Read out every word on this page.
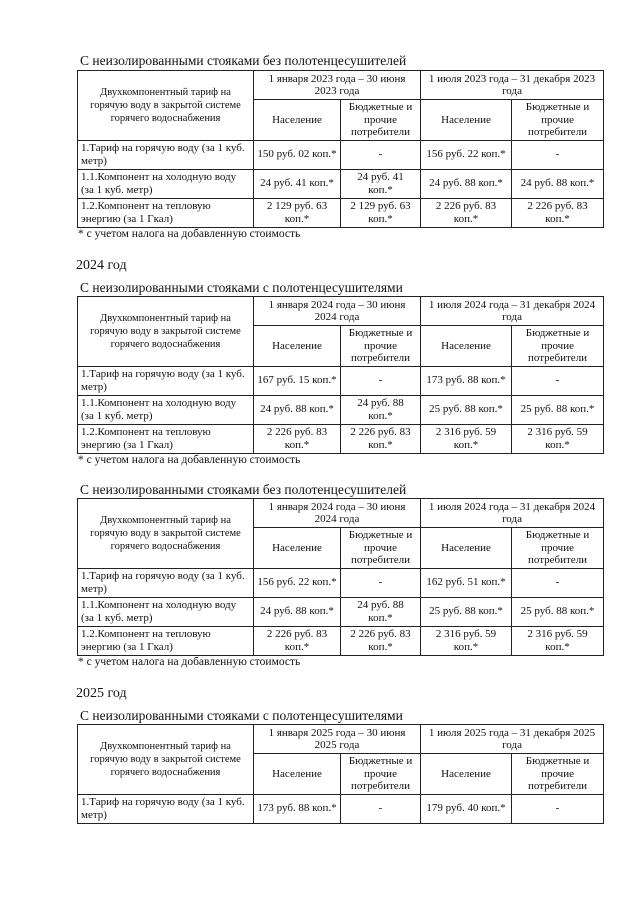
С неизолированными стояками без полотенцесушителей
Двухкомпонентный тариф на горячую воду в закрытой системе горячего водоснабжения	1 января 2023 года – 30 июня 2023 года		1 июля 2023 года – 31 декабря 2023 года	
	Население	Бюджетные и прочие потребители	Население	Бюджетные и прочие потребители
1.Тариф на горячую воду (за 1 куб. метр)	150 руб. 02 коп.*	-	156 руб. 22 коп.*	-
1.1.Компонент на холодную воду (за 1 куб. метр)	24 руб. 41 коп.*	24 руб. 41 коп.*	24 руб. 88 коп.*	24 руб. 88 коп.*
1.2.Компонент на тепловую энергию (за 1 Гкал)	2 129 руб. 63 коп.*	2 129 руб. 63 коп.*	2 226 руб. 83 коп.*	2 226 руб. 83 коп.*
* с учетом налога на добавленную стоимость
2024 год
С неизолированными стояками с полотенцесушителями
Двухкомпонентный тариф на горячую воду в закрытой системе горячего водоснабжения	1 января 2024 года – 30 июня 2024 года		1 июля 2024 года – 31 декабря 2024 года	
	Население	Бюджетные и прочие потребители	Население	Бюджетные и прочие потребители
1.Тариф на горячую воду (за 1 куб. метр)	167 руб. 15 коп.*	-	173 руб. 88 коп.*	-
1.1.Компонент на холодную воду (за 1 куб. метр)	24 руб. 88 коп.*	24 руб. 88 коп.*	25 руб. 88 коп.*	25 руб. 88 коп.*
1.2.Компонент на тепловую энергию (за 1 Гкал)	2 226 руб. 83 коп.*	2 226 руб. 83 коп.*	2 316 руб. 59 коп.*	2 316 руб. 59 коп.*
* с учетом налога на добавленную стоимость
С неизолированными стояками без полотенцесушителей
Двухкомпонентный тариф на горячую воду в закрытой системе горячего водоснабжения	1 января 2024 года – 30 июня 2024 года		1 июля 2024 года – 31 декабря 2024 года	
	Население	Бюджетные и прочие потребители	Население	Бюджетные и прочие потребители
1.Тариф на горячую воду (за 1 куб. метр)	156 руб. 22 коп.*	-	162 руб. 51 коп.*	-
1.1.Компонент на холодную воду (за 1 куб. метр)	24 руб. 88 коп.*	24 руб. 88 коп.*	25 руб. 88 коп.*	25 руб. 88 коп.*
1.2.Компонент на тепловую энергию (за 1 Гкал)	2 226 руб. 83 коп.*	2 226 руб. 83 коп.*	2 316 руб. 59 коп.*	2 316 руб. 59 коп.*
* с учетом налога на добавленную стоимость
2025 год
С неизолированными стояками с полотенцесушителями
Двухкомпонентный тариф на горячую воду в закрытой системе горячего водоснабжения	1 января 2025 года – 30 июня 2025 года		1 июля 2025 года – 31 декабря 2025 года	
	Население	Бюджетные и прочие потребители	Население	Бюджетные и прочие потребители
1.Тариф на горячую воду (за 1 куб. метр)	173 руб. 88 коп.*	-	179 руб. 40 коп.*	-
